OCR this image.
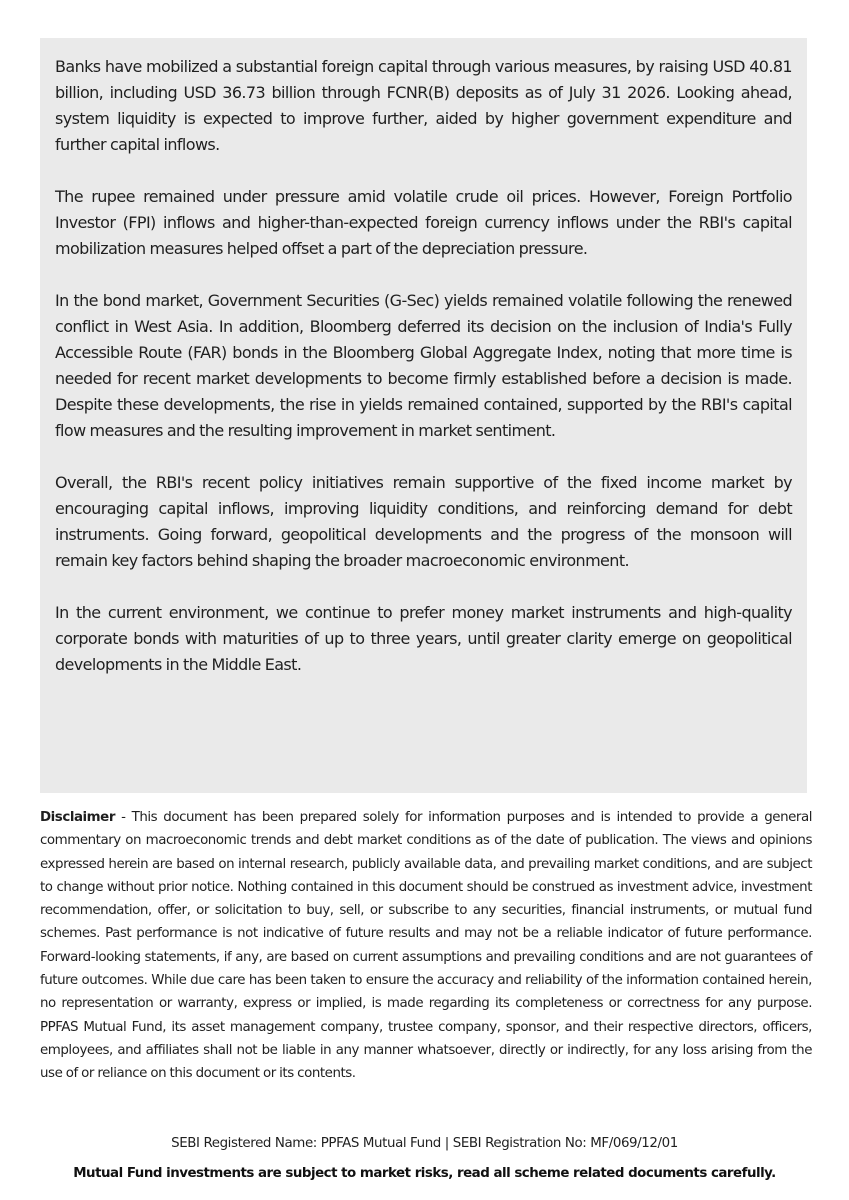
Banks have mobilized a substantial foreign capital through various measures, by raising USD 40.81 billion, including USD 36.73 billion through FCNR(B) deposits as of July 31 2026. Looking ahead, system liquidity is expected to improve further, aided by higher government expenditure and further capital inflows.

The rupee remained under pressure amid volatile crude oil prices. However, Foreign Portfolio Investor (FPI) inflows and higher-than-expected foreign currency inflows under the RBI's capital mobilization measures helped offset a part of the depreciation pressure.

In the bond market, Government Securities (G-Sec) yields remained volatile following the renewed conflict in West Asia. In addition, Bloomberg deferred its decision on the inclusion of India's Fully Accessible Route (FAR) bonds in the Bloomberg Global Aggregate Index, noting that more time is needed for recent market developments to become firmly established before a decision is made. Despite these developments, the rise in yields remained contained, supported by the RBI's capital flow measures and the resulting improvement in market sentiment.

Overall, the RBI's recent policy initiatives remain supportive of the fixed income market by encouraging capital inflows, improving liquidity conditions, and reinforcing demand for debt instruments. Going forward, geopolitical developments and the progress of the monsoon will remain key factors behind shaping the broader macroeconomic environment.

In the current environment, we continue to prefer money market instruments and high-quality corporate bonds with maturities of up to three years, until greater clarity emerge on geopolitical developments in the Middle East.

Disclaimer - This document has been prepared solely for information purposes and is intended to provide a general commentary on macroeconomic trends and debt market conditions as of the date of publication. The views and opinions expressed herein are based on internal research, publicly available data, and prevailing market conditions, and are subject to change without prior notice. Nothing contained in this document should be construed as investment advice, investment recommendation, offer, or solicitation to buy, sell, or subscribe to any securities, financial instruments, or mutual fund schemes. Past performance is not indicative of future results and may not be a reliable indicator of future performance. Forward-looking statements, if any, are based on current assumptions and prevailing conditions and are not guarantees of future outcomes. While due care has been taken to ensure the accuracy and reliability of the information contained herein, no representation or warranty, express or implied, is made regarding its completeness or correctness for any purpose. PPFAS Mutual Fund, its asset management company, trustee company, sponsor, and their respective directors, officers, employees, and affiliates shall not be liable in any manner whatsoever, directly or indirectly, for any loss arising from the use of or reliance on this document or its contents.

SEBI Registered Name: PPFAS Mutual Fund | SEBI Registration No: MF/069/12/01
Mutual Fund investments are subject to market risks, read all scheme related documents carefully.
